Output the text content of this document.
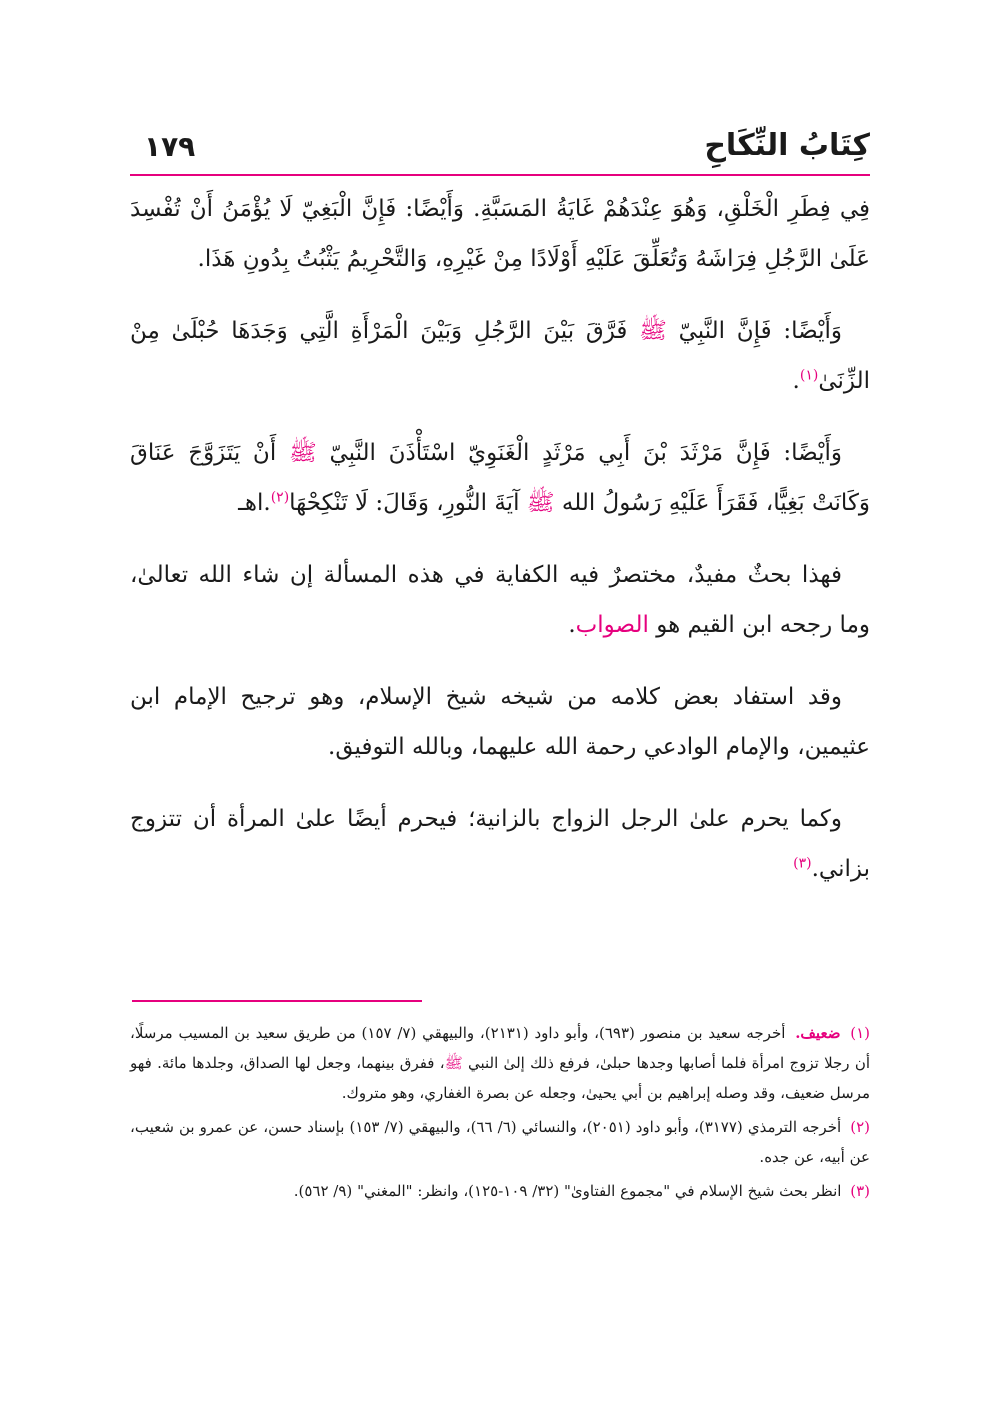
كِتَابُ النِّكَاحِ
١٧٩

فِي فِطَرِ الْخَلْقِ، وَهُوَ عِنْدَهُمْ غَايَةُ المَسَبَّةِ. وَأَيْضًا: فَإِنَّ الْبَغِيّ لَا يُؤْمَنُ أَنْ تُفْسِدَ عَلَىٰ الرَّجُلِ فِرَاشَهُ وَتُعَلِّقَ عَلَيْهِ أَوْلَادًا مِنْ غَيْرِهِ، وَالتَّحْرِيمُ يَثْبُتُ بِدُونِ هَذَا.

وَأَيْضًا: فَإِنَّ النَّبِيّ ﷺ فَرَّقَ بَيْنَ الرَّجُلِ وَبَيْنَ الْمَرْأَةِ الَّتِي وَجَدَهَا حُبْلَىٰ مِنْ الزِّنَىٰ$^{(١)}$.

وَأَيْضًا: فَإِنَّ مَرْثَدَ بْنَ أَبِي مَرْثَدٍ الْغَنَوِيّ اسْتَأْذَنَ النَّبِيّ ﷺ أَنْ يَتَزَوَّجَ عَنَاقَ وَكَانَتْ بَغِيًّا، فَقَرَأَ عَلَيْهِ رَسُولُ الله ﷺ آيَةَ النُّورِ، وَقَالَ: لَا تَنْكِحْهَا$^{(٢)}$.اهـ

فهذا بحثٌ مفيدٌ، مختصرٌ فيه الكفاية في هذه المسألة إن شاء الله تعالىٰ، وما رجحه ابن القيم هو الصواب.

وقد استفاد بعض كلامه من شيخه شيخ الإسلام، وهو ترجيح الإمام ابن عثيمين، والإمام الوادعي رحمة الله عليهما، وبالله التوفيق.

وكما يحرم علىٰ الرجل الزواج بالزانية؛ فيحرم أيضًا علىٰ المرأة أن تتزوج بزاني.$^{(٣)}$

(١) ضعيف. أخرجه سعيد بن منصور (٦٩٣)، وأبو داود (٢١٣١)، والبيهقي (٧/ ١٥٧) من طريق سعيد بن المسيب مرسلًا، أن رجلا تزوج امرأة فلما أصابها وجدها حبلىٰ، فرفع ذلك إلىٰ النبي ﷺ، ففرق بينهما، وجعل لها الصداق، وجلدها مائة. فهو مرسل ضعيف، وقد وصله إبراهيم بن أبي يحيىٰ، وجعله عن بصرة الغفاري، وهو متروك.

(٢) أخرجه الترمذي (٣١٧٧)، وأبو داود (٢٠٥١)، والنسائي (٦/ ٦٦)، والبيهقي (٧/ ١٥٣) بإسناد حسن، عن عمرو بن شعيب، عن أبيه، عن جده.

(٣) انظر بحث شيخ الإسلام في "مجموع الفتاوىٰ" (٣٢/ ١٠٩-١٢٥)، وانظر: "المغني" (٩/ ٥٦٢).
